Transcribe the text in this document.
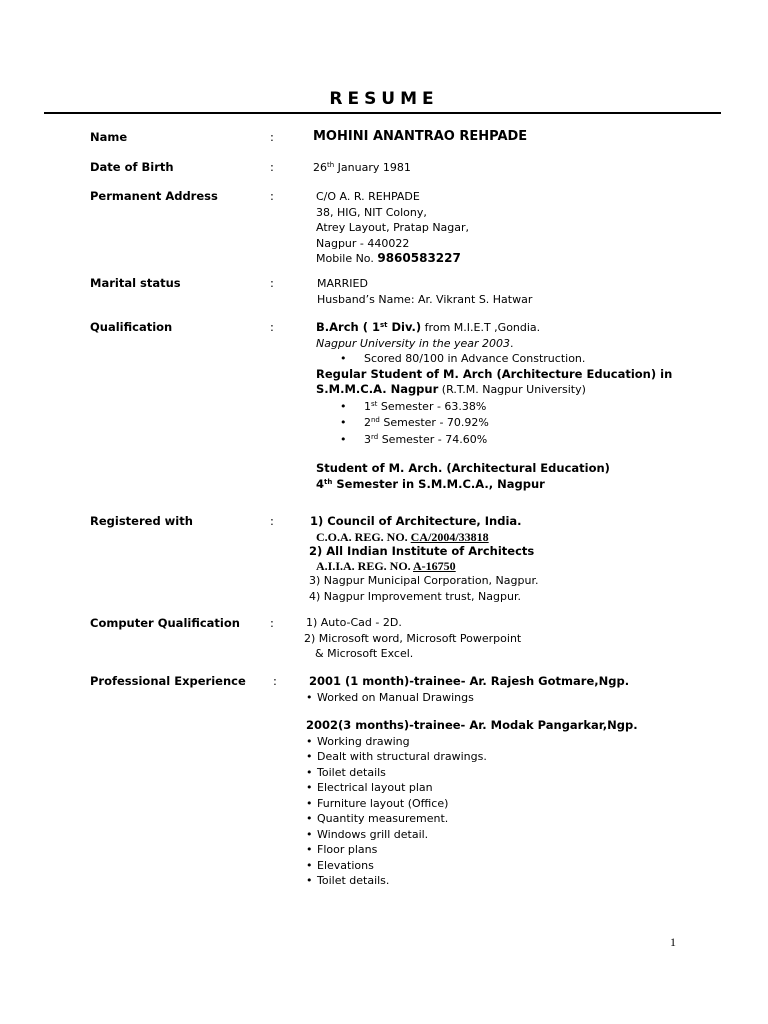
RESUME
Name	:	MOHINI ANANTRAO REHPADE
Date of Birth	:	26th January 1981
Permanent Address	:	C/O A. R. REHPADE
38, HIG, NIT Colony,
Atrey Layout, Pratap Nagar,
Nagpur - 440022
Mobile No. 9860583227
Marital status	:	MARRIED
Husband’s Name: Ar. Vikrant S. Hatwar
Qualification	:	B.Arch ( 1st Div.) from M.I.E.T ,Gondia.
Nagpur University in the year 2003.
• Scored 80/100 in Advance Construction.
Regular Student of M. Arch (Architecture Education) in
S.M.M.C.A. Nagpur (R.T.M. Nagpur University)
• 1st Semester - 63.38%
• 2nd Semester - 70.92%
• 3rd Semester - 74.60%
Student of M. Arch. (Architectural Education)
4th Semester in S.M.M.C.A., Nagpur
Registered with	:	1) Council of Architecture, India.
C.O.A. REG. NO. CA/2004/33818
2) All Indian Institute of Architects
A.I.I.A. REG. NO. A-16750
3) Nagpur Municipal Corporation, Nagpur.
4) Nagpur Improvement trust, Nagpur.
Computer Qualification	:	1) Auto-Cad - 2D.
2) Microsoft word, Microsoft Powerpoint
& Microsoft Excel.
Professional Experience :	2001 (1 month)-trainee- Ar. Rajesh Gotmare,Ngp.
• Worked on Manual Drawings
2002(3 months)-trainee- Ar. Modak Pangarkar,Ngp.
• Working drawing
• Dealt with structural drawings.
• Toilet details
• Electrical layout plan
• Furniture layout (Office)
• Quantity measurement.
• Windows grill detail.
• Floor plans
• Elevations
• Toilet details.
1
